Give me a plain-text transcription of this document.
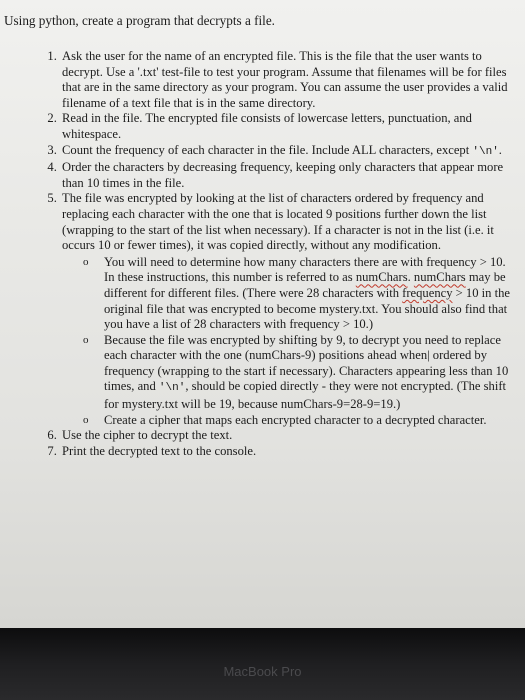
Using python, create a program that decrypts a file.
1. Ask the user for the name of an encrypted file. This is the file that the user wants to decrypt. Use a '.txt' test-file to test your program. Assume that filenames will be for files that are in the same directory as your program. You can assume the user provides a valid filename of a text file that is in the same directory.
2. Read in the file. The encrypted file consists of lowercase letters, punctuation, and whitespace.
3. Count the frequency of each character in the file. Include ALL characters, except '\n'.
4. Order the characters by decreasing frequency, keeping only characters that appear more than 10 times in the file.
5. The file was encrypted by looking at the list of characters ordered by frequency and replacing each character with the one that is located 9 positions further down the list (wrapping to the start of the list when necessary). If a character is not in the list (i.e. it occurs 10 or fewer times), it was copied directly, without any modification.
o You will need to determine how many characters there are with frequency > 10. In these instructions, this number is referred to as numChars. numChars may be different for different files. (There were 28 characters with frequency > 10 in the original file that was encrypted to become mystery.txt. You should also find that you have a list of 28 characters with frequency > 10.)
o Because the file was encrypted by shifting by 9, to decrypt you need to replace each character with the one (numChars-9) positions ahead when| ordered by frequency (wrapping to the start if necessary). Characters appearing less than 10 times, and '\n', should be copied directly - they were not encrypted. (The shift for mystery.txt will be 19, because numChars-9=28-9=19.)
o Create a cipher that maps each encrypted character to a decrypted character.
6. Use the cipher to decrypt the text.
7. Print the decrypted text to the console.
MacBook Pro
